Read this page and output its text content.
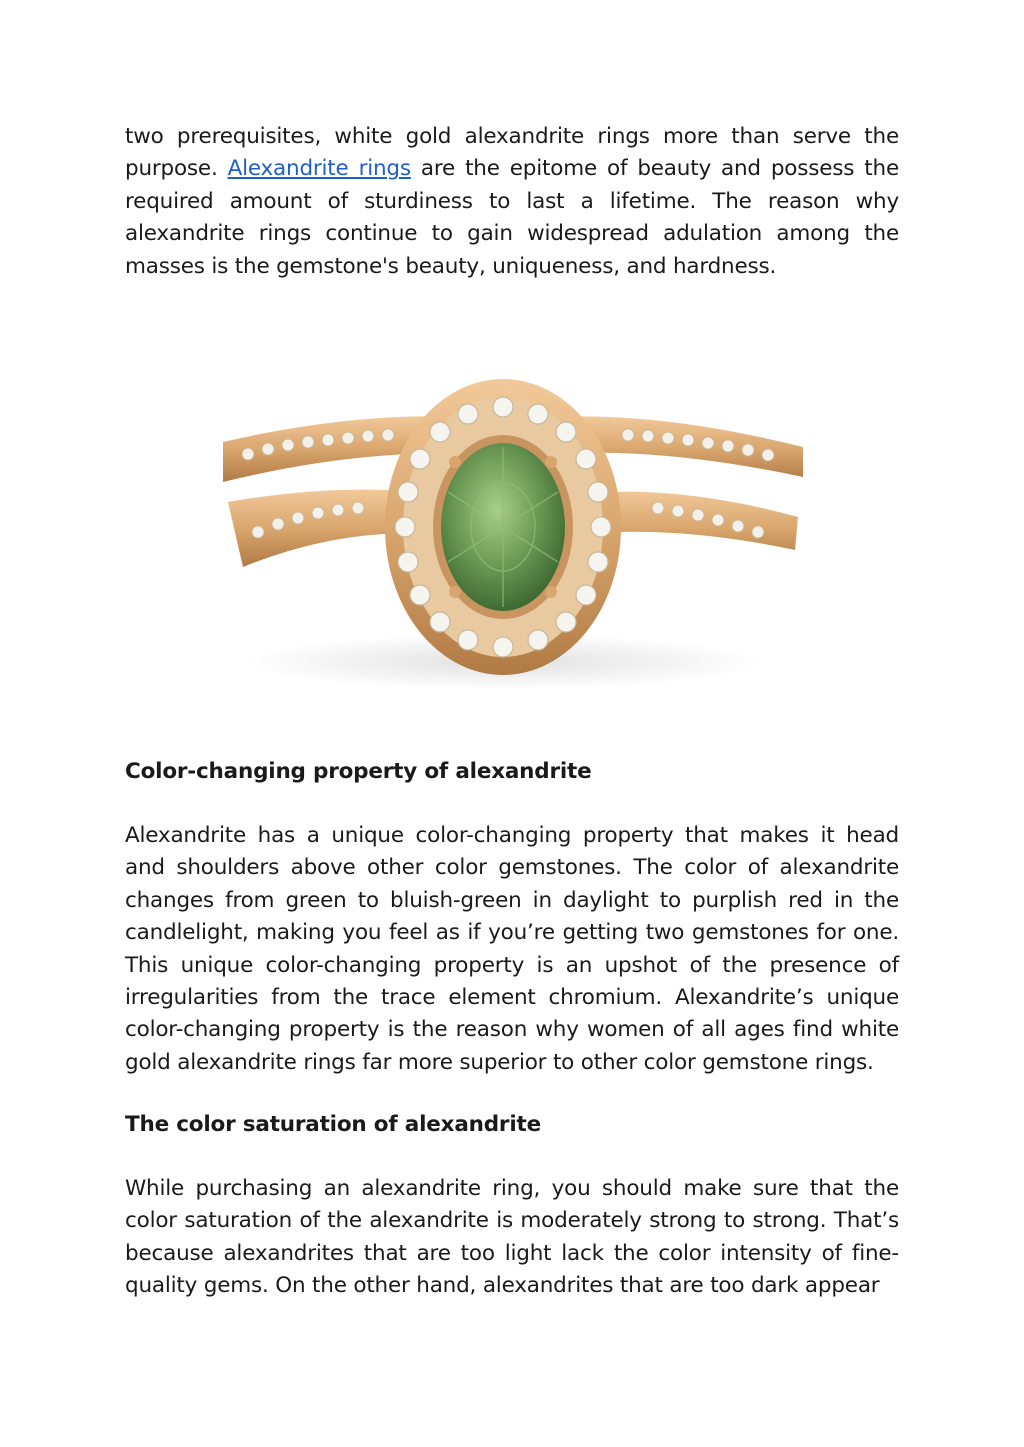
two prerequisites, white gold alexandrite rings more than serve the purpose. Alexandrite rings are the epitome of beauty and possess the required amount of sturdiness to last a lifetime. The reason why alexandrite rings continue to gain widespread adulation among the masses is the gemstone's beauty, uniqueness, and hardness.

Color-changing property of alexandrite

Alexandrite has a unique color-changing property that makes it head and shoulders above other color gemstones. The color of alexandrite changes from green to bluish-green in daylight to purplish red in the candlelight, making you feel as if you’re getting two gemstones for one. This unique color-changing property is an upshot of the presence of irregularities from the trace element chromium. Alexandrite’s unique color-changing property is the reason why women of all ages find white gold alexandrite rings far more superior to other color gemstone rings.

The color saturation of alexandrite

While purchasing an alexandrite ring, you should make sure that the color saturation of the alexandrite is moderately strong to strong. That’s because alexandrites that are too light lack the color intensity of fine-quality gems. On the other hand, alexandrites that are too dark appear
